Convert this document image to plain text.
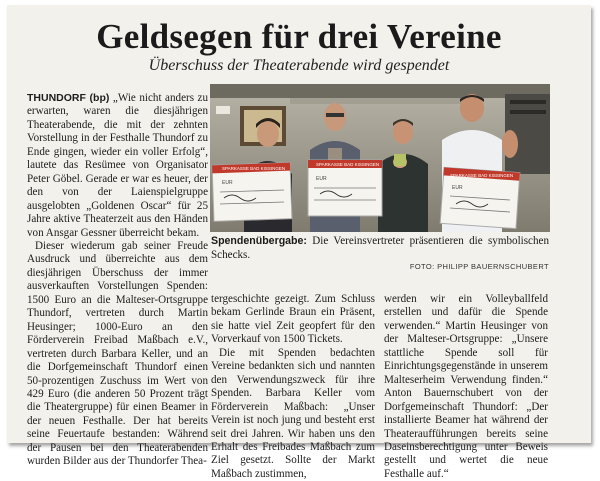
Geldsegen für drei Vereine
Überschuss der Theaterabende wird gespendet

THUNDORF (bp) „Wie nicht anders zu erwarten, waren die diesjährigen Theaterabende, die mit der zehnten Vorstellung in der Festhalle Thundorf zu Ende gingen, wieder ein voller Erfolg“, lautete das Resümee von Organisator Peter Göbel. Gerade er war es heuer, der den von der Laienspielgruppe ausgelobten „Goldenen Oscar“ für 25 Jahre aktive Theaterzeit aus den Händen von Ansgar Gessner überreicht bekam.

Dieser wiederum gab seiner Freude Ausdruck und überreichte aus dem diesjährigen Überschuss der immer ausverkauften Vorstellungen Spenden: 1500 Euro an die Malteser-Ortsgruppe Thundorf, vertreten durch Martin Heusinger; 1000-Euro an den Förderverein Freibad Maßbach e.V., vertreten durch Barbara Keller, und an die Dorfgemeinschaft Thundorf einen 50-prozentigen Zuschuss im Wert von 429 Euro (die anderen 50 Prozent trägt die Theatergruppe) für einen Beamer in der neuen Festhalle. Der hat bereits seine Feuertaufe bestanden: Während der Pausen bei den Theaterabenden wurden Bilder aus der Thundorfer Thea-

SPARKASSE BAD KISSINGEN
SPARKASSE BAD KISSINGEN
SPARKASSE BAD KISSINGEN
EUR
EUR
EUR
Spendenübergabe: Die Vereinsvertreter präsentieren die symbolischen Schecks.
FOTO: PHILIPP BAUERNSCHUBERT

tergeschichte gezeigt. Zum Schluss bekam Gerlinde Braun ein Präsent, sie hatte viel Zeit geopfert für den Vorverkauf von 1500 Tickets.

Die mit Spenden bedachten Vereine bedankten sich und nannten den Verwendungszweck für ihre Spenden. Barbara Keller vom Förderverein Maßbach: „Unser Verein ist noch jung und besteht erst seit drei Jahren. Wir haben uns den Erhalt des Freibades Maßbach zum Ziel gesetzt. Sollte der Markt Maßbach zustimmen,

werden wir ein Volleyballfeld erstellen und dafür die Spende verwenden.“ Martin Heusinger von der Malteser-Ortsgruppe: „Unsere stattliche Spende soll für Einrichtungsgegenstände in unserem Malteserheim Verwendung finden.“ Anton Bauernschubert von der Dorfgemeinschaft Thundorf: „Der installierte Beamer hat während der Theateraufführungen bereits seine Daseinsberechtigung unter Beweis gestellt und wertet die neue Festhalle auf.“
